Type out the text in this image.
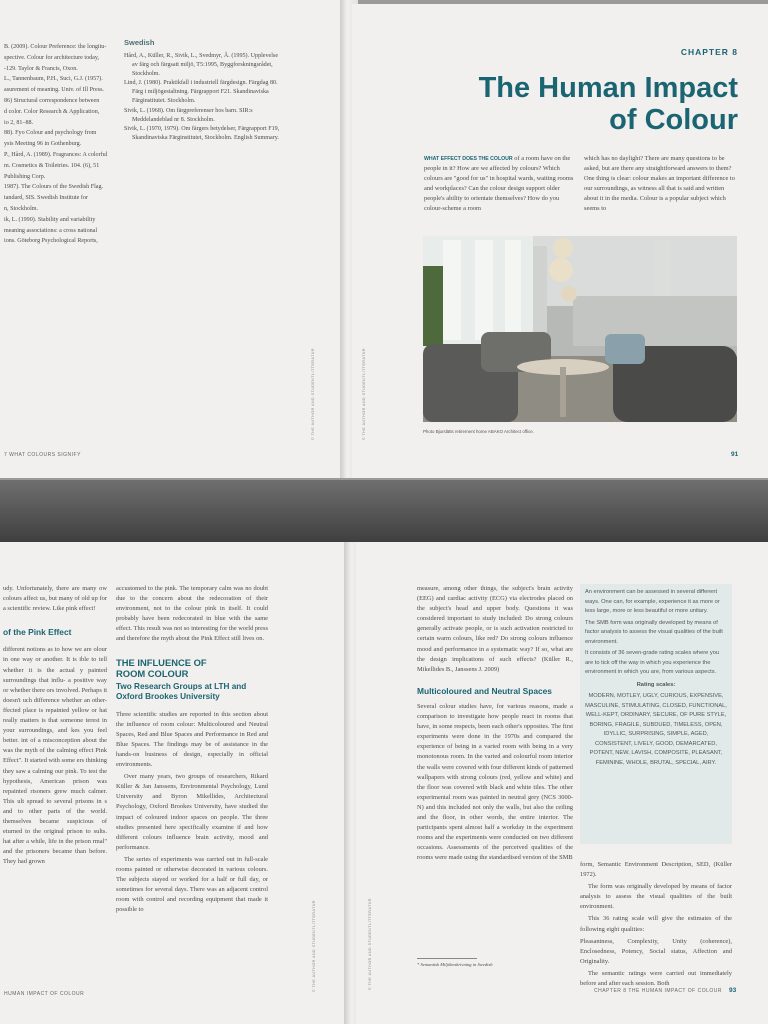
B. (2009). Colour Preference: the longitu-

spective. Colour for architecture today,

-129. Taylor & Francis, Oxon.

L., Tannenbaum, P.H., Suci, G.J. (1957).

asurement of meaning. Univ. of Ill Press.

86) Structural correspondence between

d color. Color Research & Application,

io 2, 81–88.

88). Fyo Colour and psychology from

ysis Meeting 96 in Gothenburg.

P., Hård, A. (1989). Fragrances: A colorful

m. Cosmetics & Toiletries. 104. (6), 51

Publishing Corp.

1987). The Colours of the Swedish Flag.

tandard, SIS. Swedish Institute for

n, Stockholm.

ik, L. (1990). Stability and variability

meaning associations: a cross national

ions. Göteborg Psychological Reports,

Swedish

Hård, A., Küller, R., Sivik, L., Svedmyr, Å. (1995). Upplevelse av färg och färgsatt miljö, T5:1995, Byggforskningsrådet, Stockholm.

Lind, J. (1980). Praktikfall i industriell färgdesign. Färgdag 80. Färg i miljögestaltning. Färgrapport F21. Skandinaviska Färginstitutet. Stockholm.

Sivik, L. (1968). Om färgpreferenser hos barn. SIR:s Meddelandeblad nr 8. Stockholm.

Sivik, L. (1970, 1979). Om färgers betydelser, Färgrapport F19, Skandinaviska Färginstitutet, Stockholm. English Summary.

© THE AUTHOR AND STUDENTLITTERATUR
7 WHAT COLOURS SIGNIFY
© THE AUTHOR AND STUDENTLITTERATUR
CHAPTER 8
The Human Impact
of Colour
WHAT EFFECT DOES THE COLOUR of a room have on the people in it? How are we affected by colours? Which colours are "good for us" in hospital wards, waiting rooms and workplaces? Can the colour design support older people's ability to orientate themselves? How do you colour-scheme a room
which has no daylight? There are many questions to be asked, but are there any straightforward answers to them? One thing is clear: colour makes an important difference to our surroundings, as witness all that is said and written about it in the media. Colour is a popular subject which seems to
Photo Bjurslätts retirement home ABAKO Architect office.
91
© THE AUTHOR AND STUDENTLITTERATUR	© THE AUTHOR AND STUDENTLITTERATUR

udy. Unfortunately, there are many ow colours affect us, but many of old up for a scientific review. Like pink effect!

of the Pink Effect

different notions as to how we are olour in one way or another. It is ible to tell whether it is the actual y painted surroundings that influ- a positive way or whether there ors involved. Perhaps it doesn't uch difference whether an other- ffected place is repainted yellow or hat really matters is that someone terest in your surroundings, and kes you feel better. int of a misconception about the was the myth of the calming effect Pink Effect". It started with some ers thinking they saw a calming our pink. To test the hypothesis, American prison was repainted risoners grew much calmer. This ult spread to several prisons in s and to other parts of the world. themselves became suspicious of eturned to the original prison to sults. hat after a while, life in the prison rmal" and the prisoners became than before. They had grown

accustomed to the pink. The temporary calm was no doubt due to the concern about the redecoration of their environment, not to the colour pink in itself. It could probably have been redecorated in blue with the same effect. This result was not so interesting for the world press and therefore the myth about the Pink Effect still lives on.

THE INFLUENCE OF
ROOM COLOUR
Two Research Groups at LTH and
Oxford Brookes University

Three scientific studies are reported in this section about the influence of room colour: Multicoloured and Neutral Spaces, Red and Blue Spaces and Performance in Red and Blue Spaces. The findings may be of assistance in the hands-on business of design, especially in official environments.

Over many years, two groups of researchers, Rikard Küller & Jan Janssens, Environmental Psychology, Lund University and Byron Mikellides, Architectural Psychology, Oxford Brookes University, have studied the impact of coloured indoor spaces on people. The three studies presented here specifically examine if and how different colours influence brain activity, mood and performance.

The series of experiments was carried out in full-scale rooms painted or otherwise decorated in various colours. The subjects stayed or worked for a half or full day, or sometimes for several days. There was an adjacent control room with control and recording equipment that made it possible to

HUMAN IMPACT OF COLOUR

measure, among other things, the subject's brain activity (EEG) and cardiac activity (ECG) via electrodes placed on the subject's head and upper body. Questions it was considered important to study included: Do strong colours generally activate people, or is such activation restricted to certain warm colours, like red? Do strong colours influence mood and performance in a systematic way? If so, what are the design implications of such effects? (Küller R., Mikellides B., Janssens J. 2009)

Multicoloured and Neutral Spaces

Several colour studies have, for various reasons, made a comparison to investigate how people react in rooms that have, in some respects, been each other's opposites. The first experiments were done in the 1970s and compared the experience of being in a varied room with being in a very monotonous room. In the varied and colourful room interior the walls were covered with four different kinds of patterned wallpapers with strong colours (red, yellow and white) and the floor was covered with black and white tiles. The other experimental room was painted in neutral grey (NCS 3000-N) and this included not only the walls, but also the ceiling and the floor, in other words, the entire interior. The participants spent almost half a workday in the experiment rooms and the experiments were conducted on two different occasions. Assessments of the perceived qualities of the rooms were made using the standardised version of the SMB

* Semantisk Miljöbeskrivning in Swedish

An environment can be assessed in several different ways. One can, for example, experience it as more or less large, more or less beautiful or more unitary.

The SMB form was originally developed by means of factor analysis to assess the visual qualities of the built environment.

It consists of 36 seven-grade rating scales where you are to tick off the way in which you experience the environment in which you are, from various aspects.

Rating scales:

MODERN, MOTLEY, UGLY, CURIOUS, EXPENSIVE, MASCULINE, STIMULATING, CLOSED, FUNCTIONAL, WELL-KEPT, ORDINARY, SECURE, OF PURE STYLE, BORING, FRAGILE, SUBDUED, TIMELESS, OPEN, IDYLLIC, SURPRISING, SIMPLE, AGED, CONSISTENT, LIVELY, GOOD, DEMARCATED, POTENT, NEW, LAVISH, COMPOSITE, PLEASANT, FEMININE, WHOLE, BRUTAL, SPECIAL, AIRY.

form, Semantic Environment Description, SED, (Küller 1972).

The form was originally developed by means of factor analysis to assess the visual qualities of the built environment.

This 36 rating scale will give the estimates of the following eight qualities:

Pleasantness, Complexity, Unity (coherence), Enclosedness, Potency, Social status, Affection and Originality.

The semantic ratings were carried out immediately before and after each session. Both

CHAPTER 8 THE HUMAN IMPACT OF COLOUR 93
